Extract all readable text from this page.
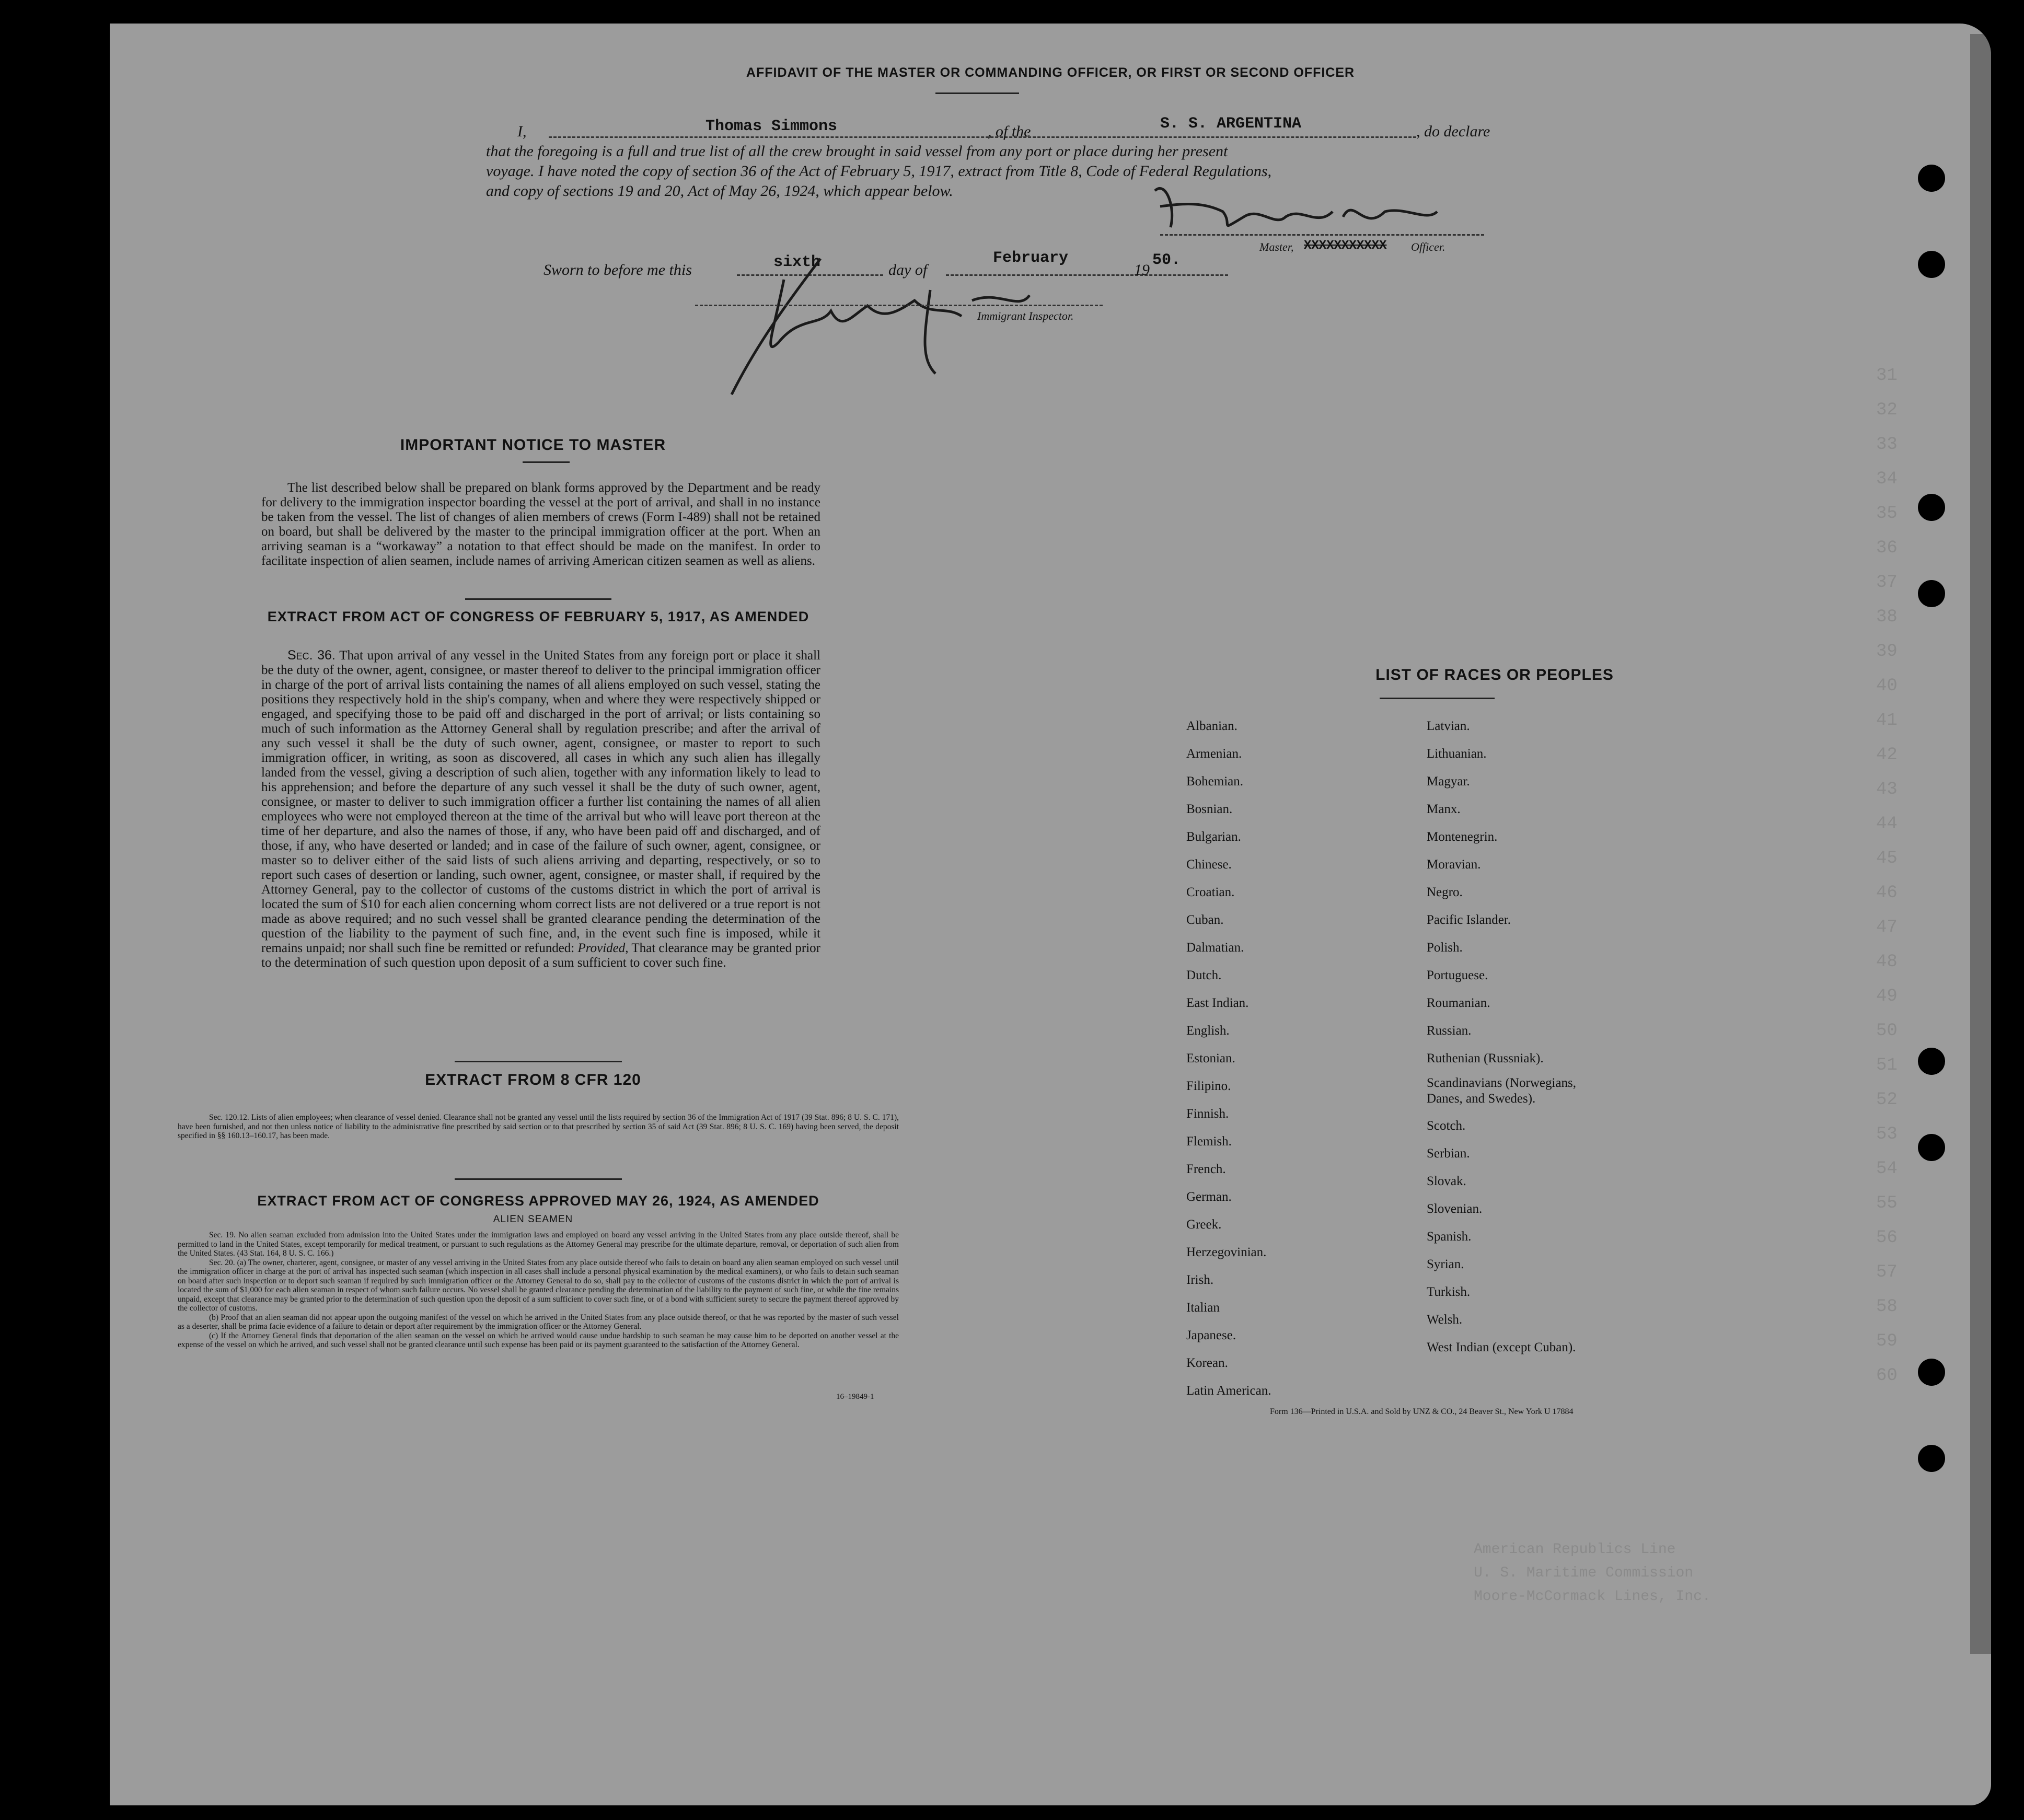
AFFIDAVIT OF THE MASTER OR COMMANDING OFFICER, OR FIRST OR SECOND OFFICER
I,	Thomas Simmons	, of the	S. S. ARGENTINA	, do declare
that the foregoing is a full and true list of all the crew brought in said vessel from any port or place during her present
voyage. I have noted the copy of section 36 of the Act of February 5, 1917, extract from Title 8, Code of Federal Regulations,
and copy of sections 19 and 20, Act of May 26, 1924, which appear below.
Master, XXXXXXXXXXX Officer.
Sworn to before me this	sixth	day of
February
19
50.
Immigrant Inspector.
IMPORTANT NOTICE TO MASTER
The list described below shall be prepared on blank forms approved by the Department and be ready for delivery to the immigration inspector boarding the vessel at the port of arrival, and shall in no instance be taken from the vessel. The list of changes of alien members of crews (Form I-489) shall not be retained on board, but shall be delivered by the master to the principal immigration officer at the port. When an arriving seaman is a “workaway” a notation to that effect should be made on the manifest. In order to facilitate inspection of alien seamen, include names of arriving American citizen seamen as well as aliens.
EXTRACT FROM ACT OF CONGRESS OF FEBRUARY 5, 1917, AS AMENDED
Sec. 36. That upon arrival of any vessel in the United States from any foreign port or place it shall be the duty of the owner, agent, consignee, or master thereof to deliver to the principal immigration officer in charge of the port of arrival lists containing the names of all aliens employed on such vessel, stating the positions they respectively hold in the ship's company, when and where they were respectively shipped or engaged, and specifying those to be paid off and discharged in the port of arrival; or lists containing so much of such information as the Attorney General shall by regulation prescribe; and after the arrival of any such vessel it shall be the duty of such owner, agent, consignee, or master to report to such immigration officer, in writing, as soon as discovered, all cases in which any such alien has illegally landed from the vessel, giving a description of such alien, together with any information likely to lead to his apprehension; and before the departure of any such vessel it shall be the duty of such owner, agent, consignee, or master to deliver to such immigration officer a further list containing the names of all alien employees who were not employed thereon at the time of the arrival but who will leave port thereon at the time of her departure, and also the names of those, if any, who have been paid off and discharged, and of those, if any, who have deserted or landed; and in case of the failure of such owner, agent, consignee, or master so to deliver either of the said lists of such aliens arriving and departing, respectively, or so to report such cases of desertion or landing, such owner, agent, consignee, or master shall, if required by the Attorney General, pay to the collector of customs of the customs district in which the port of arrival is located the sum of $10 for each alien concerning whom correct lists are not delivered or a true report is not made as above required; and no such vessel shall be granted clearance pending the determination of the question of the liability to the payment of such fine, and, in the event such fine is imposed, while it remains unpaid; nor shall such fine be remitted or refunded: Provided, That clearance may be granted prior to the determination of such question upon deposit of a sum sufficient to cover such fine.
EXTRACT FROM 8 CFR 120
Sec. 120.12. Lists of alien employees; when clearance of vessel denied. Clearance shall not be granted any vessel until the lists required by section 36 of the Immigration Act of 1917 (39 Stat. 896; 8 U. S. C. 171), have been furnished, and not then unless notice of liability to the administrative fine prescribed by said section or to that prescribed by section 35 of said Act (39 Stat. 896; 8 U. S. C. 169) having been served, the deposit specified in §§ 160.13–160.17, has been made.
EXTRACT FROM ACT OF CONGRESS APPROVED MAY 26, 1924, AS AMENDED
ALIEN SEAMEN
Sec. 19. No alien seaman excluded from admission into the United States under the immigration laws and employed on board any vessel arriving in the United States from any place outside thereof, shall be permitted to land in the United States, except temporarily for medical treatment, or pursuant to such regulations as the Attorney General may prescribe for the ultimate departure, removal, or deportation of such alien from the United States. (43 Stat. 164, 8 U. S. C. 166.)
Sec. 20. (a) The owner, charterer, agent, consignee, or master of any vessel arriving in the United States from any place outside thereof who fails to detain on board any alien seaman employed on such vessel until the immigration officer in charge at the port of arrival has inspected such seaman (which inspection in all cases shall include a personal physical examination by the medical examiners), or who fails to detain such seaman on board after such inspection or to deport such seaman if required by such immigration officer or the Attorney General to do so, shall pay to the collector of customs of the customs district in which the port of arrival is located the sum of $1,000 for each alien seaman in respect of whom such failure occurs. No vessel shall be granted clearance pending the determination of the liability to the payment of such fine, or while the fine remains unpaid, except that clearance may be granted prior to the determination of such question upon the deposit of a sum sufficient to cover such fine, or of a bond with sufficient surety to secure the payment thereof approved by the collector of customs.
(b) Proof that an alien seaman did not appear upon the outgoing manifest of the vessel on which he arrived in the United States from any place outside thereof, or that he was reported by the master of such vessel as a deserter, shall be prima facie evidence of a failure to detain or deport after requirement by the immigration officer or the Attorney General.
(c) If the Attorney General finds that deportation of the alien seaman on the vessel on which he arrived would cause undue hardship to such seaman he may cause him to be deported on another vessel at the expense of the vessel on which he arrived, and such vessel shall not be granted clearance until such expense has been paid or its payment guaranteed to the satisfaction of the Attorney General.
16–19849-1
LIST OF RACES OR PEOPLES
Albanian.
Armenian.
Bohemian.
Bosnian.
Bulgarian.
Chinese.
Croatian.
Cuban.
Dalmatian.
Dutch.
East Indian.
English.
Estonian.
Filipino.
Finnish.
Flemish.
French.
German.
Greek.
Herzegovinian.
Irish.
Italian
Japanese.
Korean.
Latin American.
Latvian.
Lithuanian.
Magyar.
Manx.
Montenegrin.
Moravian.
Negro.
Pacific Islander.
Polish.
Portuguese.
Roumanian.
Russian.
Ruthenian (Russniak).
Scandinavians (Norwegians,
Danes, and Swedes).
Scotch.
Serbian.
Slovak.
Slovenian.
Spanish.
Syrian.
Turkish.
Welsh.
West Indian (except Cuban).
Form 136—Printed in U.S.A. and Sold by UNZ & CO., 24 Beaver St., New York U 17884
31
32
33
34
35
36
37
38
39
40
41
42
43
44
45
46
47
48
49
50
51
52
53
54
55
56
57
58
59
60
American Republics Line
U. S. Maritime Commission
Moore-McCormack Lines, Inc.
